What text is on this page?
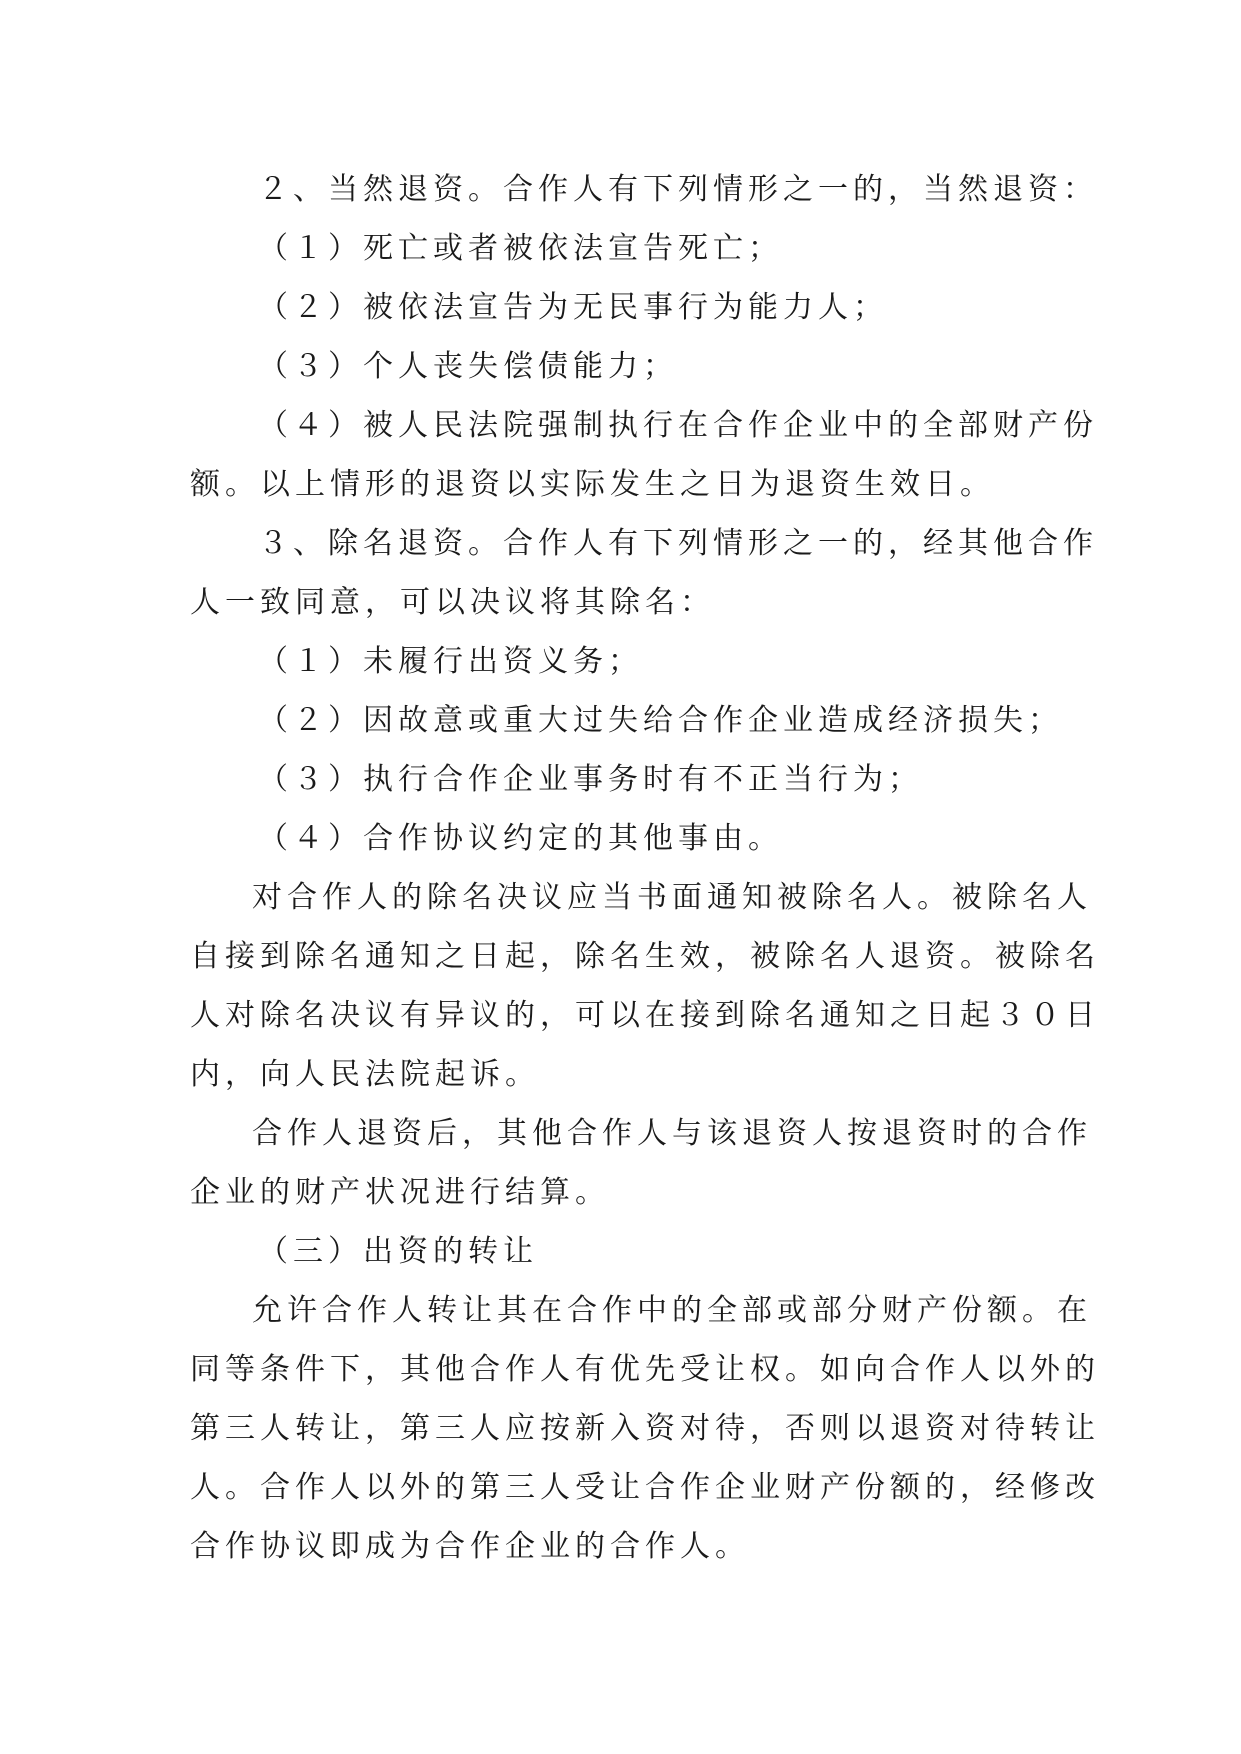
２、当然退资。合作人有下列情形之一的，当然退资：
（１）死亡或者被依法宣告死亡；
（２）被依法宣告为无民事行为能力人；
（３）个人丧失偿债能力；
（４）被人民法院强制执行在合作企业中的全部财产份
额。以上情形的退资以实际发生之日为退资生效日。
３、除名退资。合作人有下列情形之一的，经其他合作
人一致同意，可以决议将其除名：
（１）未履行出资义务；
（２）因故意或重大过失给合作企业造成经济损失；
（３）执行合作企业事务时有不正当行为；
（４）合作协议约定的其他事由。
对合作人的除名决议应当书面通知被除名人。被除名人
自接到除名通知之日起，除名生效，被除名人退资。被除名
人对除名决议有异议的，可以在接到除名通知之日起３０日
内，向人民法院起诉。
合作人退资后，其他合作人与该退资人按退资时的合作
企业的财产状况进行结算。
（三）出资的转让
允许合作人转让其在合作中的全部或部分财产份额。在
同等条件下，其他合作人有优先受让权。如向合作人以外的
第三人转让，第三人应按新入资对待，否则以退资对待转让
人。合作人以外的第三人受让合作企业财产份额的，经修改
合作协议即成为合作企业的合作人。
